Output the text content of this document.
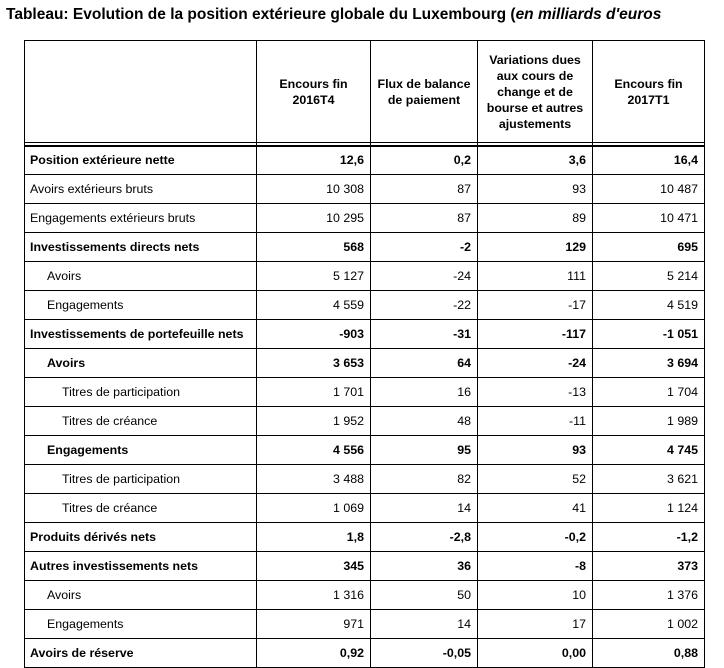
Tableau: Evolution de la position extérieure globale du Luxembourg (en milliards d'euros
	Encours fin 2016T4	Flux de balance de paiement	Variations dues aux cours de change et de bourse et autres ajustements	Encours fin 2017T1

Position extérieure nette	12,6	0,2	3,6	16,4
Avoirs extérieurs bruts	10 308	87	93	10 487
Engagements extérieurs bruts	10 295	87	89	10 471
Investissements directs nets	568	-2	129	695
Avoirs	5 127	-24	111	5 214
Engagements	4 559	-22	-17	4 519
Investissements de portefeuille nets	-903	-31	-117	-1 051
Avoirs	3 653	64	-24	3 694
Titres de participation	1 701	16	-13	1 704
Titres de créance	1 952	48	-11	1 989
Engagements	4 556	95	93	4 745
Titres de participation	3 488	82	52	3 621
Titres de créance	1 069	14	41	1 124
Produits dérivés nets	1,8	-2,8	-0,2	-1,2
Autres investissements nets	345	36	-8	373
Avoirs	1 316	50	10	1 376
Engagements	971	14	17	1 002
Avoirs de réserve	0,92	-0,05	0,00	0,88
